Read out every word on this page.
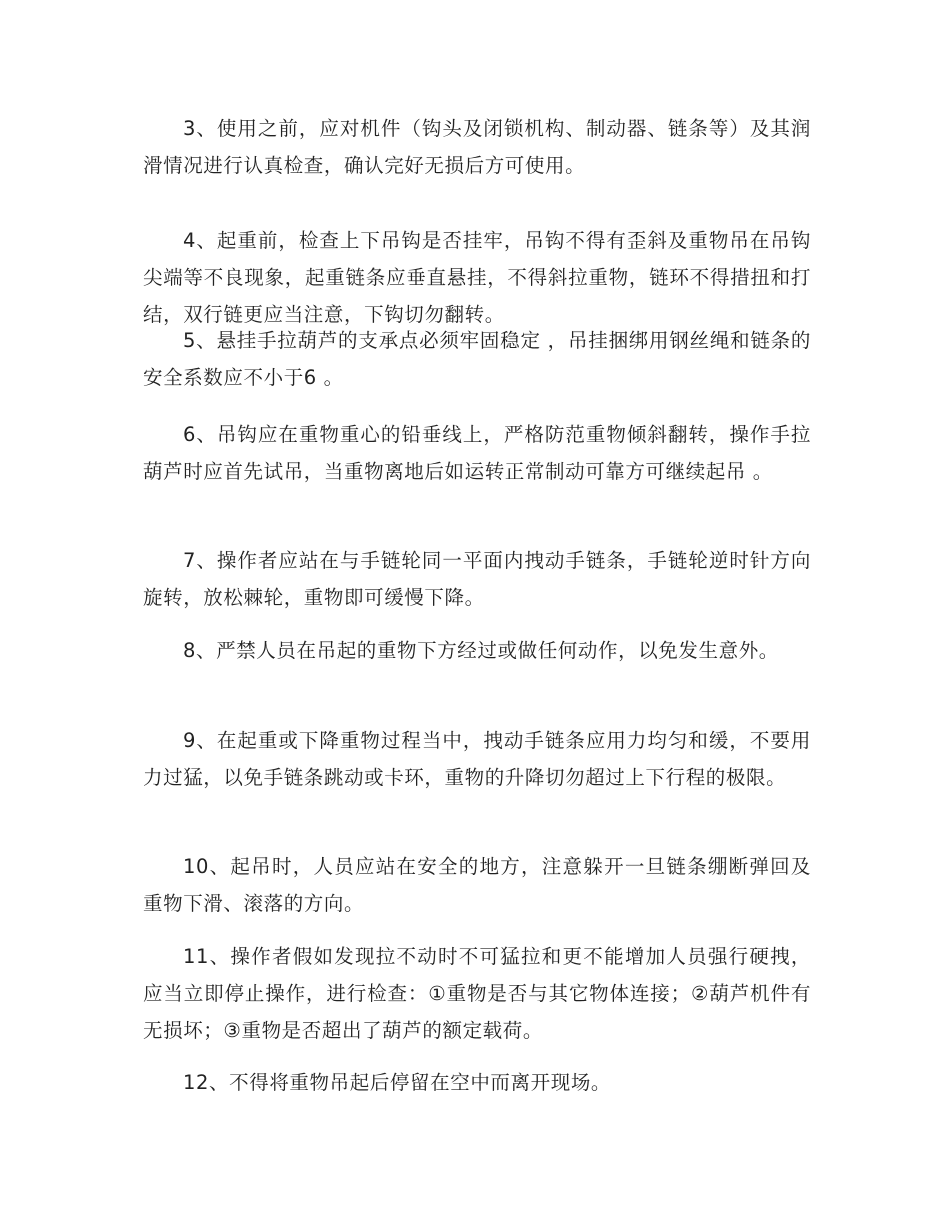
3、使用之前，应对机件（钩头及闭锁机构、制动器、链条等）及其润滑情况进行认真检查，确认完好无损后方可使用。

4、起重前，检查上下吊钩是否挂牢，吊钩不得有歪斜及重物吊在吊钩尖端等不良现象，起重链条应垂直悬挂，不得斜拉重物，链环不得措扭和打结，双行链更应当注意，下钩切勿翻转。

5、悬挂手拉葫芦的支承点必须牢固稳定 ，吊挂捆绑用钢丝绳和链条的安全系数应不小于6 。

6、吊钩应在重物重心的铅垂线上，严格防范重物倾斜翻转，操作手拉葫芦时应首先试吊，当重物离地后如运转正常制动可靠方可继续起吊 。

7、操作者应站在与手链轮同一平面内拽动手链条，手链轮逆时针方向旋转，放松棘轮，重物即可缓慢下降。

8、严禁人员在吊起的重物下方经过或做任何动作，以免发生意外。

9、在起重或下降重物过程当中，拽动手链条应用力均匀和缓，不要用力过猛，以免手链条跳动或卡环，重物的升降切勿超过上下行程的极限。

10、起吊时，人员应站在安全的地方，注意躲开一旦链条绷断弹回及重物下滑、滚落的方向。

11、操作者假如发现拉不动时不可猛拉和更不能增加人员强行硬拽，应当立即停止操作，进行检查：①重物是否与其它物体连接；②葫芦机件有无损坏；③重物是否超出了葫芦的额定载荷。

12、不得将重物吊起后停留在空中而离开现场。
